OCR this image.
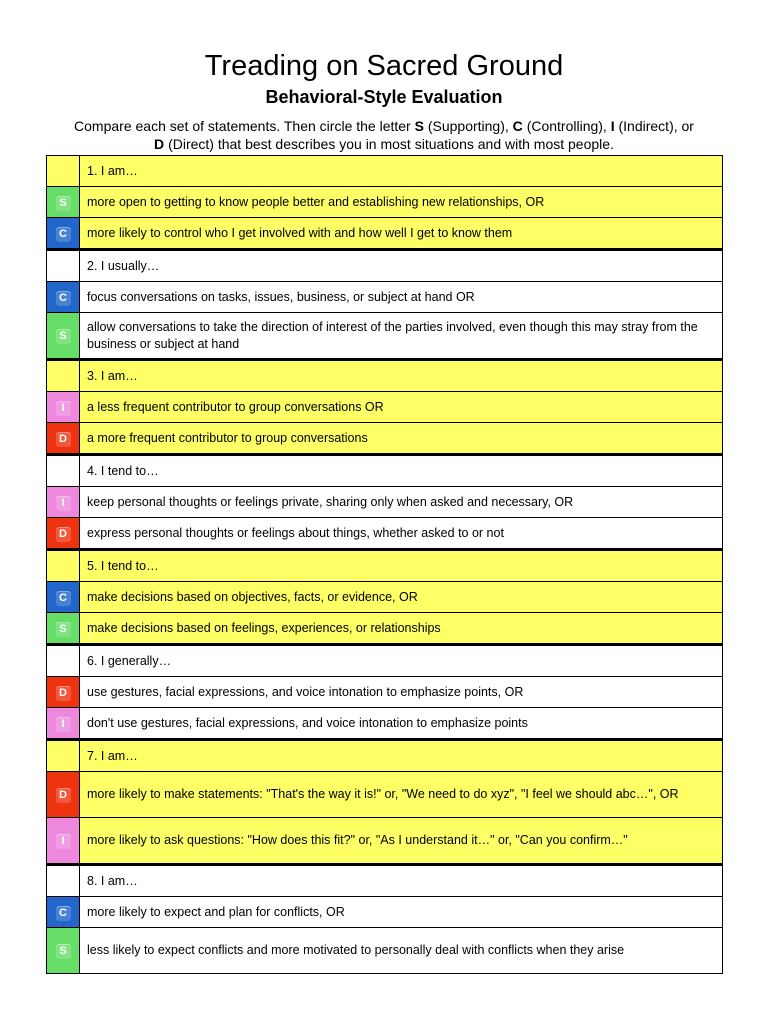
Treading on Sacred Ground
Behavioral-Style Evaluation

Compare each set of statements. Then circle the letter S (Supporting), C (Controlling), I (Indirect), or
D (Direct) that best describes you in most situations and with most people.

	1. I am…
S	more open to getting to know people better and establishing new relationships, OR
C	more likely to control who I get involved with and how well I get to know them
	2. I usually…
C	focus conversations on tasks, issues, business, or subject at hand OR
S	allow conversations to take the direction of interest of the parties involved, even though this may stray from the business or subject at hand
	3. I am…
I	a less frequent contributor to group conversations OR
D	a more frequent contributor to group conversations
	4. I tend to…
I	keep personal thoughts or feelings private, sharing only when asked and necessary, OR
D	express personal thoughts or feelings about things, whether asked to or not
	5. I tend to…
C	make decisions based on objectives, facts, or evidence, OR
S	make decisions based on feelings, experiences, or relationships
	6. I generally…
D	use gestures, facial expressions, and voice intonation to emphasize points, OR
I	don't use gestures, facial expressions, and voice intonation to emphasize points
	7. I am…
D	more likely to make statements: "That's the way it is!" or, "We need to do xyz", "I feel we should abc…", OR
I	more likely to ask questions: "How does this fit?" or, "As I understand it…" or, "Can you confirm…"
	8. I am…
C	more likely to expect and plan for conflicts, OR
S	less likely to expect conflicts and more motivated to personally deal with conflicts when they arise
